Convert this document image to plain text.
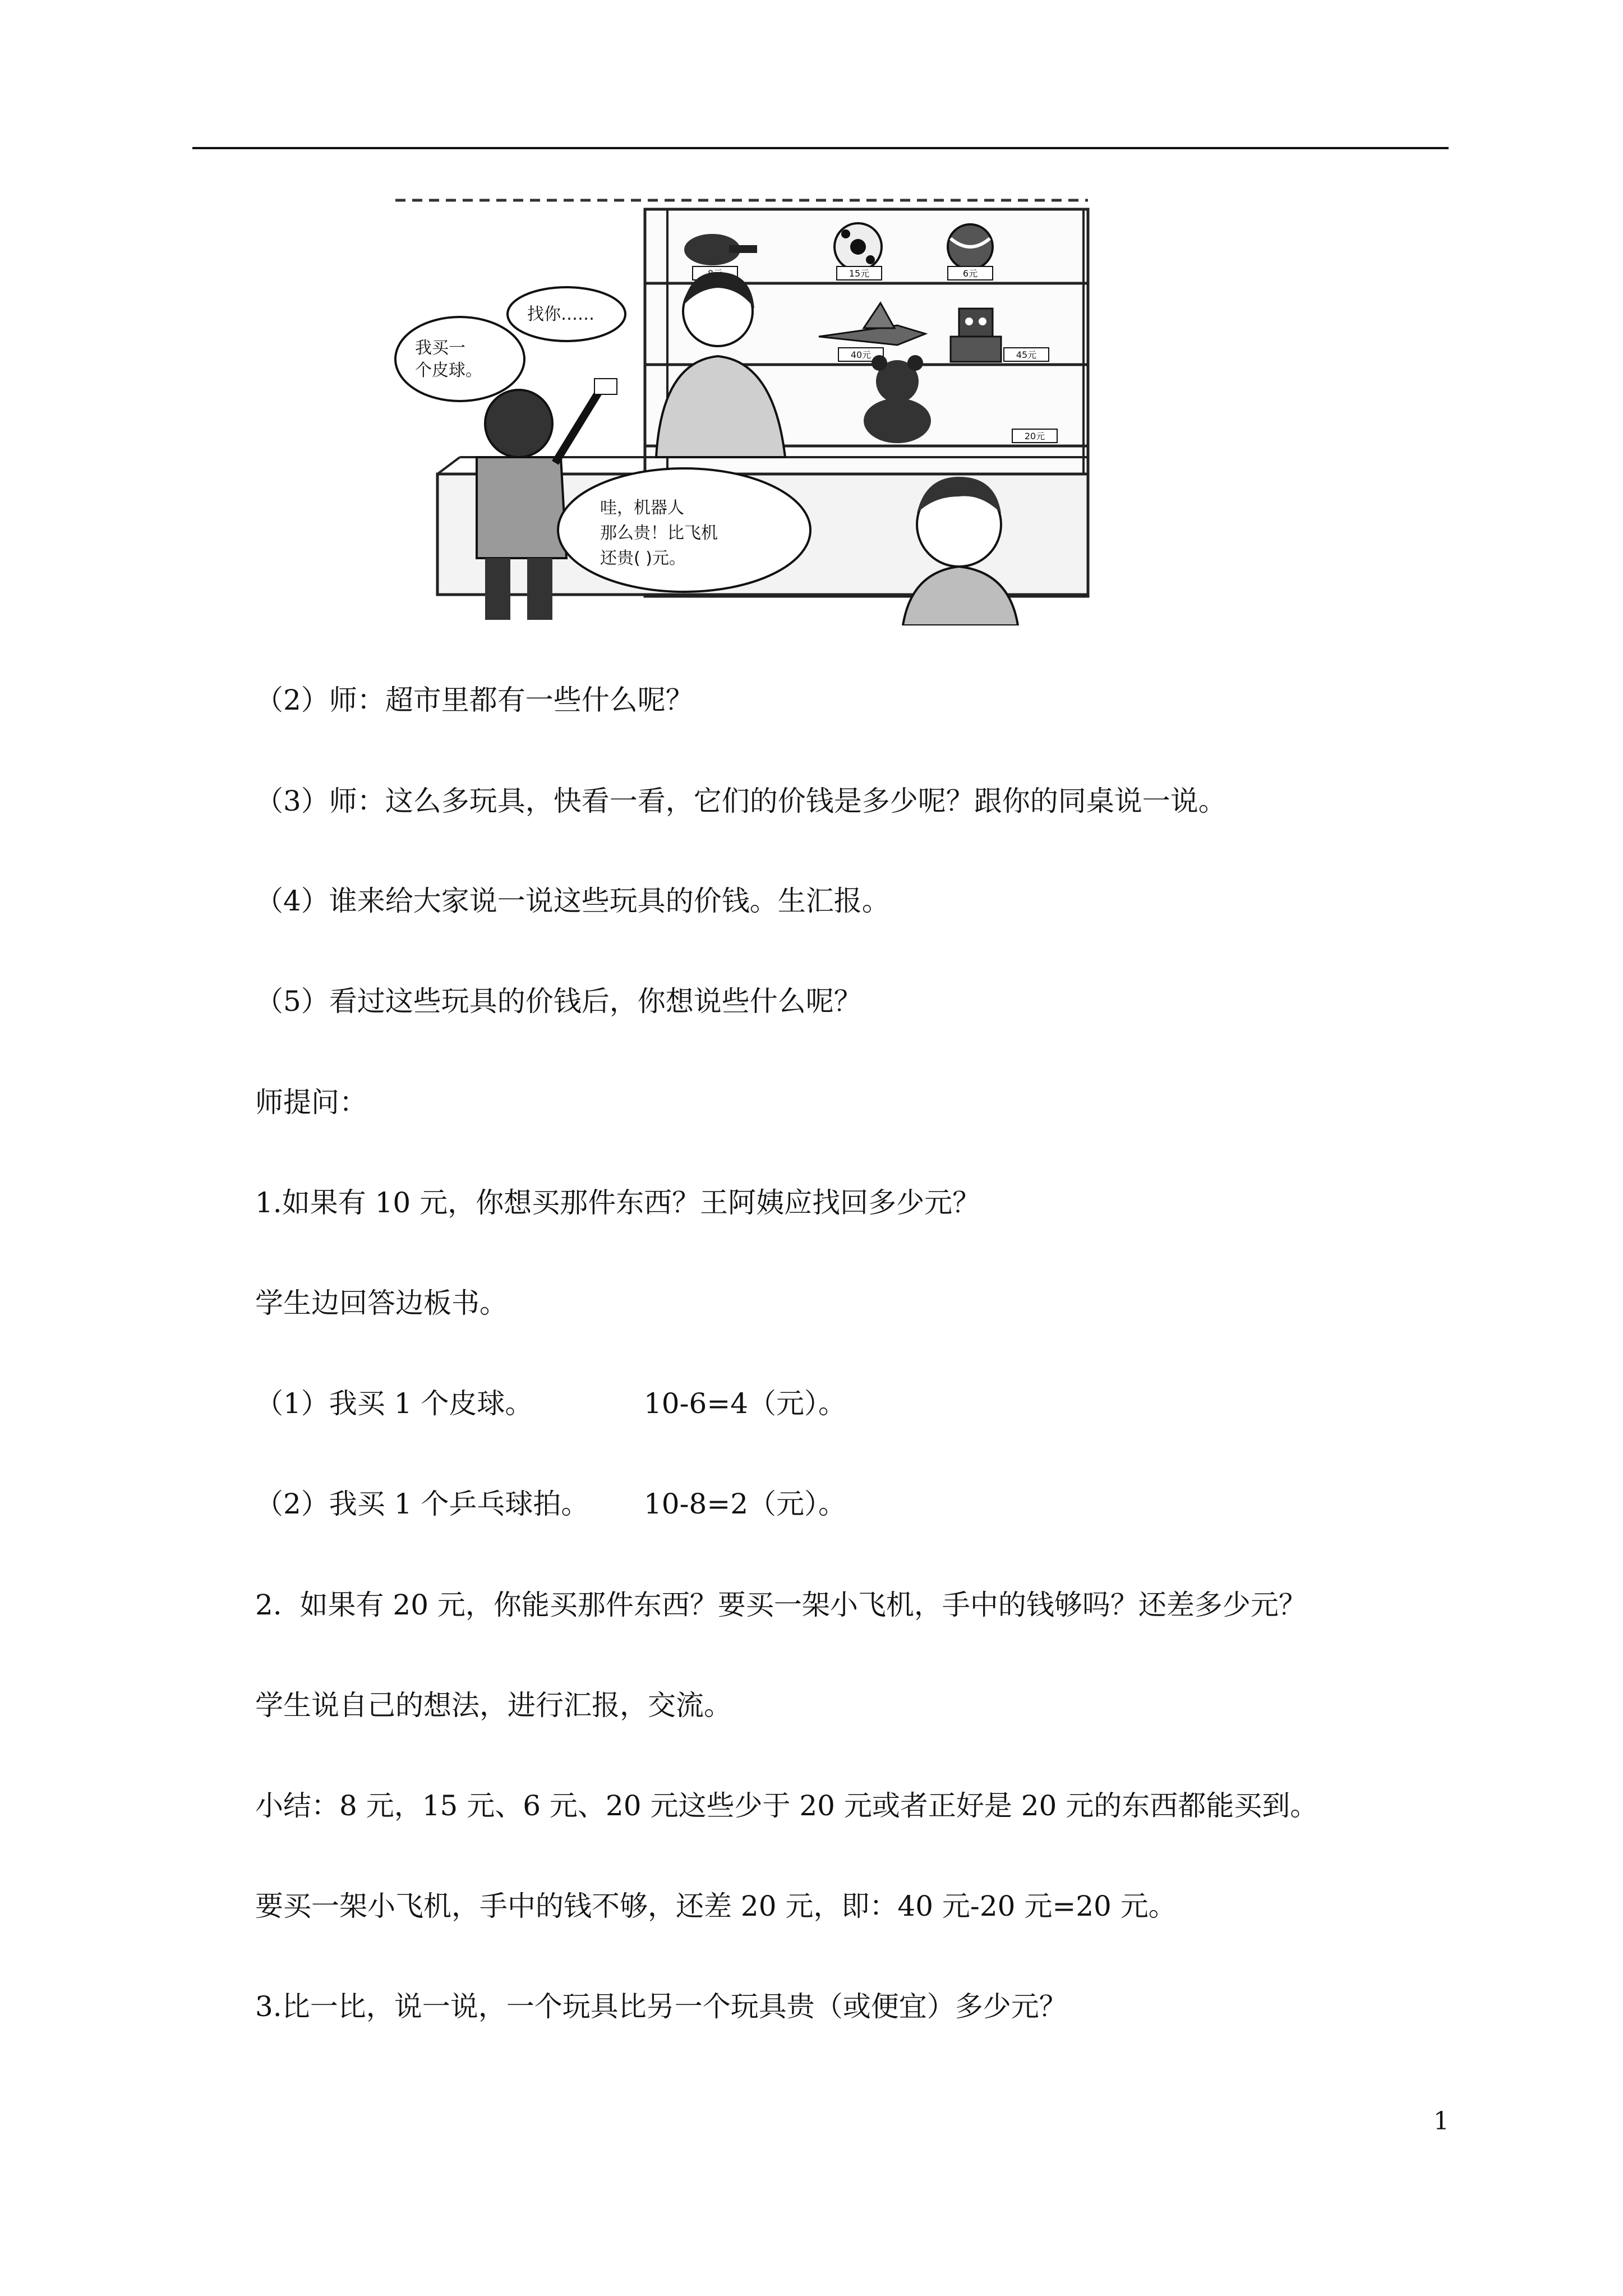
15元	6元
40元	45元
20元
我买一
个皮球。
找你……
哇，机器人
那么贵！比飞机
还贵( )元。
（2）师：超市里都有一些什么呢？
（3）师：这么多玩具，快看一看，它们的价钱是多少呢？跟你的同桌说一说。
（4）谁来给大家说一说这些玩具的价钱。生汇报。
（5）看过这些玩具的价钱后，你想说些什么呢？
师提问：
1.如果有 10 元，你想买那件东西？王阿姨应找回多少元？
学生边回答边板书。
（1）我买 1 个皮球。	10-6=4（元）。
（2）我买 1 个乒乓球拍。 10-8=2（元）。
2.  如果有 20 元，你能买那件东西？要买一架小飞机，手中的钱够吗？还差多少元？
学生说自己的想法，进行汇报，交流。
小结：8 元，15 元、6 元、20 元这些少于 20 元或者正好是 20 元的东西都能买到。
要买一架小飞机，手中的钱不够，还差 20 元，即：40 元-20 元=20 元。
3.比一比，说一说，一个玩具比另一个玩具贵（或便宜）多少元？
1
